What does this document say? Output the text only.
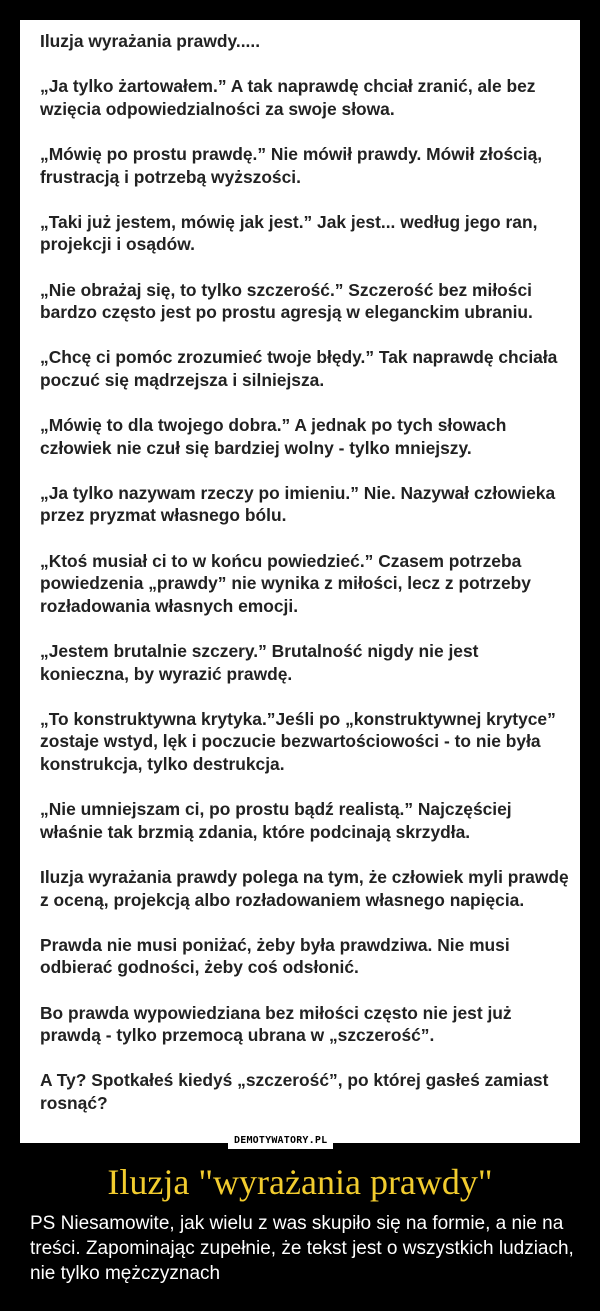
Iluzja wyrażania prawdy.....

„Ja tylko żartowałem.” A tak naprawdę chciał zranić, ale bez wzięcia odpowiedzialności za swoje słowa.

„Mówię po prostu prawdę.” Nie mówił prawdy. Mówił złością, frustracją i potrzebą wyższości.

„Taki już jestem, mówię jak jest.” Jak jest... według jego ran, projekcji i osądów.

„Nie obrażaj się, to tylko szczerość.” Szczerość bez miłości bardzo często jest po prostu agresją w eleganckim ubraniu.

„Chcę ci pomóc zrozumieć twoje błędy.” Tak naprawdę chciała poczuć się mądrzejsza i silniejsza.

„Mówię to dla twojego dobra.” A jednak po tych słowach człowiek nie czuł się bardziej wolny - tylko mniejszy.

„Ja tylko nazywam rzeczy po imieniu.” Nie. Nazywał człowieka przez pryzmat własnego bólu.

„Ktoś musiał ci to w końcu powiedzieć.” Czasem potrzeba powiedzenia „prawdy” nie wynika z miłości, lecz z potrzeby rozładowania własnych emocji.

„Jestem brutalnie szczery.” Brutalność nigdy nie jest konieczna, by wyrazić prawdę.

„To konstruktywna krytyka.”Jeśli po „konstruktywnej krytyce” zostaje wstyd, lęk i poczucie bezwartościowości - to nie była konstrukcja, tylko destrukcja.

„Nie umniejszam ci, po prostu bądź realistą.” Najczęściej właśnie tak brzmią zdania, które podcinają skrzydła.

Iluzja wyrażania prawdy polega na tym, że człowiek myli prawdę z oceną, projekcją albo rozładowaniem własnego napięcia.

Prawda nie musi poniżać, żeby była prawdziwa. Nie musi odbierać godności, żeby coś odsłonić.

Bo prawda wypowiedziana bez miłości często nie jest już prawdą - tylko przemocą ubrana w „szczerość”.

A Ty? Spotkałeś kiedyś „szczerość”, po której gasłeś zamiast rosnąć?

DEMOTYWATORY.PL
Iluzja "wyrażania prawdy"

PS Niesamowite, jak wielu z was skupiło się na formie, a nie na treści. Zapominając zupełnie, że tekst jest o wszystkich ludziach, nie tylko mężczyznach
